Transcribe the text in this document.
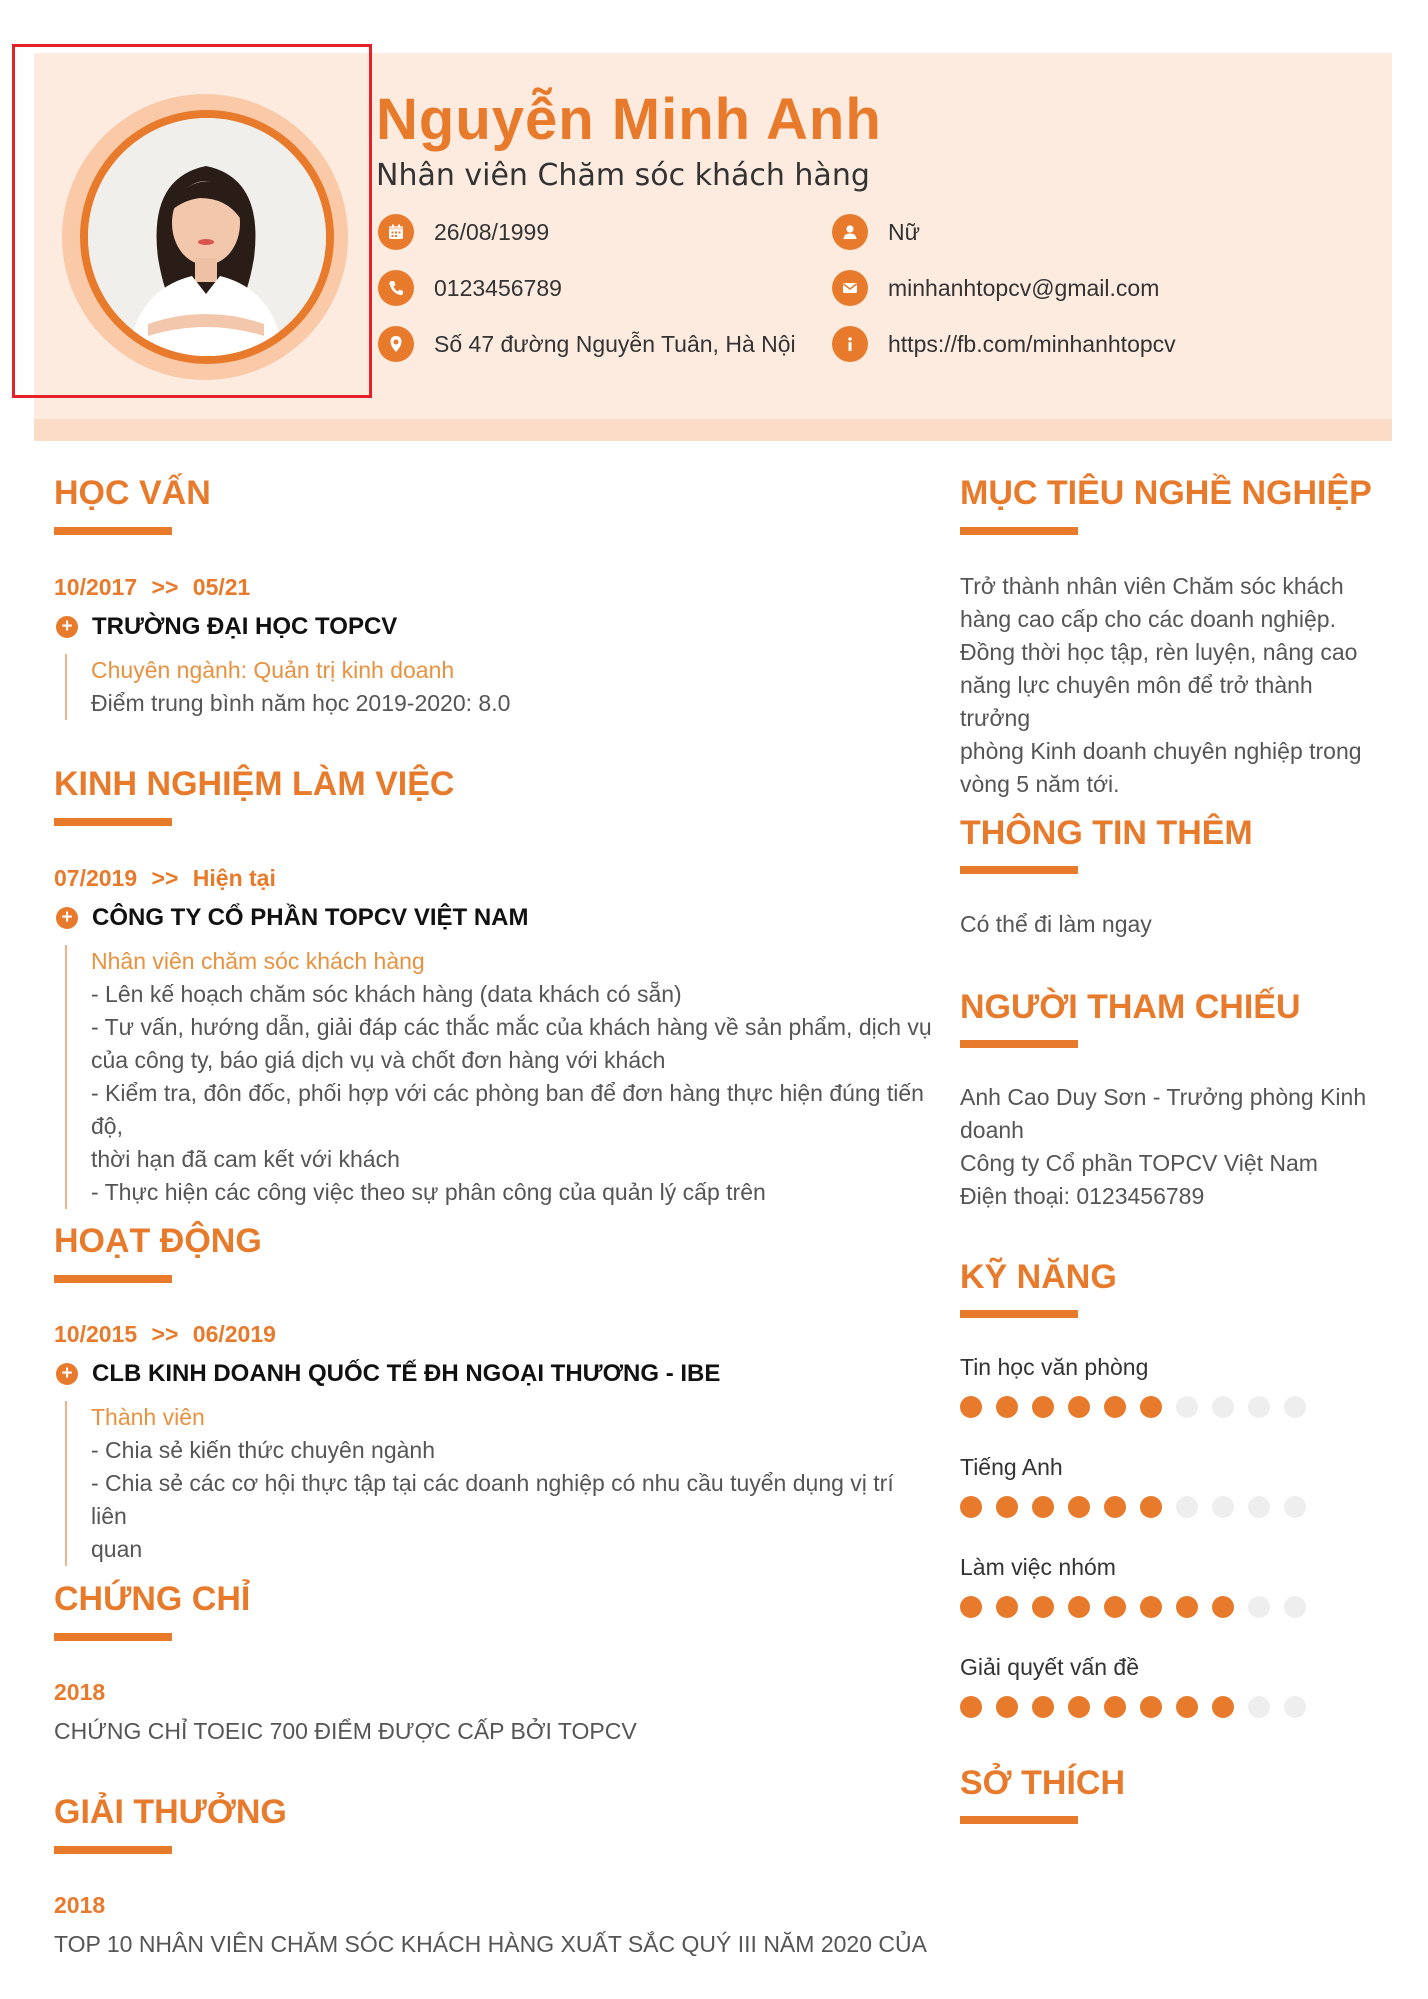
Nguyễn Minh Anh
Nhân viên Chăm sóc khách hàng
26/08/1999
0123456789
Số 47 đường Nguyễn Tuân, Hà Nội
Nữ
minhanhtopcv@gmail.com
https://fb.com/minhanhtopcv
HỌC VẤN
10/2017 >> 05/21
+ TRƯỜNG ĐẠI HỌC TOPCV
Chuyên ngành: Quản trị kinh doanh
Điểm trung bình năm học 2019-2020: 8.0
KINH NGHIỆM LÀM VIỆC
07/2019 >> Hiện tại
+ CÔNG TY CỔ PHẦN TOPCV VIỆT NAM
Nhân viên chăm sóc khách hàng
- Lên kế hoạch chăm sóc khách hàng (data khách có sẵn)
- Tư vấn, hướng dẫn, giải đáp các thắc mắc của khách hàng về sản phẩm, dịch vụ
của công ty, báo giá dịch vụ và chốt đơn hàng với khách
- Kiểm tra, đôn đốc, phối hợp với các phòng ban để đơn hàng thực hiện đúng tiến độ,
thời hạn đã cam kết với khách
- Thực hiện các công việc theo sự phân công của quản lý cấp trên
HOẠT ĐỘNG
10/2015 >> 06/2019
+ CLB KINH DOANH QUỐC TẾ ĐH NGOẠI THƯƠNG - IBE
Thành viên
- Chia sẻ kiến thức chuyên ngành
- Chia sẻ các cơ hội thực tập tại các doanh nghiệp có nhu cầu tuyển dụng vị trí liên
quan
CHỨNG CHỈ
2018
CHỨNG CHỈ TOEIC 700 ĐIỂM ĐƯỢC CẤP BỞI TOPCV
GIẢI THƯỞNG
2018
TOP 10 NHÂN VIÊN CHĂM SÓC KHÁCH HÀNG XUẤT SẮC QUÝ III NĂM 2020 CỦA
MỤC TIÊU NGHỀ NGHIỆP
Trở thành nhân viên Chăm sóc khách
hàng cao cấp cho các doanh nghiệp.
Đồng thời học tập, rèn luyện, nâng cao
năng lực chuyên môn để trở thành trưởng
phòng Kinh doanh chuyên nghiệp trong
vòng 5 năm tới.
THÔNG TIN THÊM
Có thể đi làm ngay
NGƯỜI THAM CHIẾU
Anh Cao Duy Sơn - Trưởng phòng Kinh
doanh
Công ty Cổ phần TOPCV Việt Nam
Điện thoại: 0123456789
KỸ NĂNG
Tin học văn phòng
Tiếng Anh
Làm việc nhóm
Giải quyết vấn đề
SỞ THÍCH
